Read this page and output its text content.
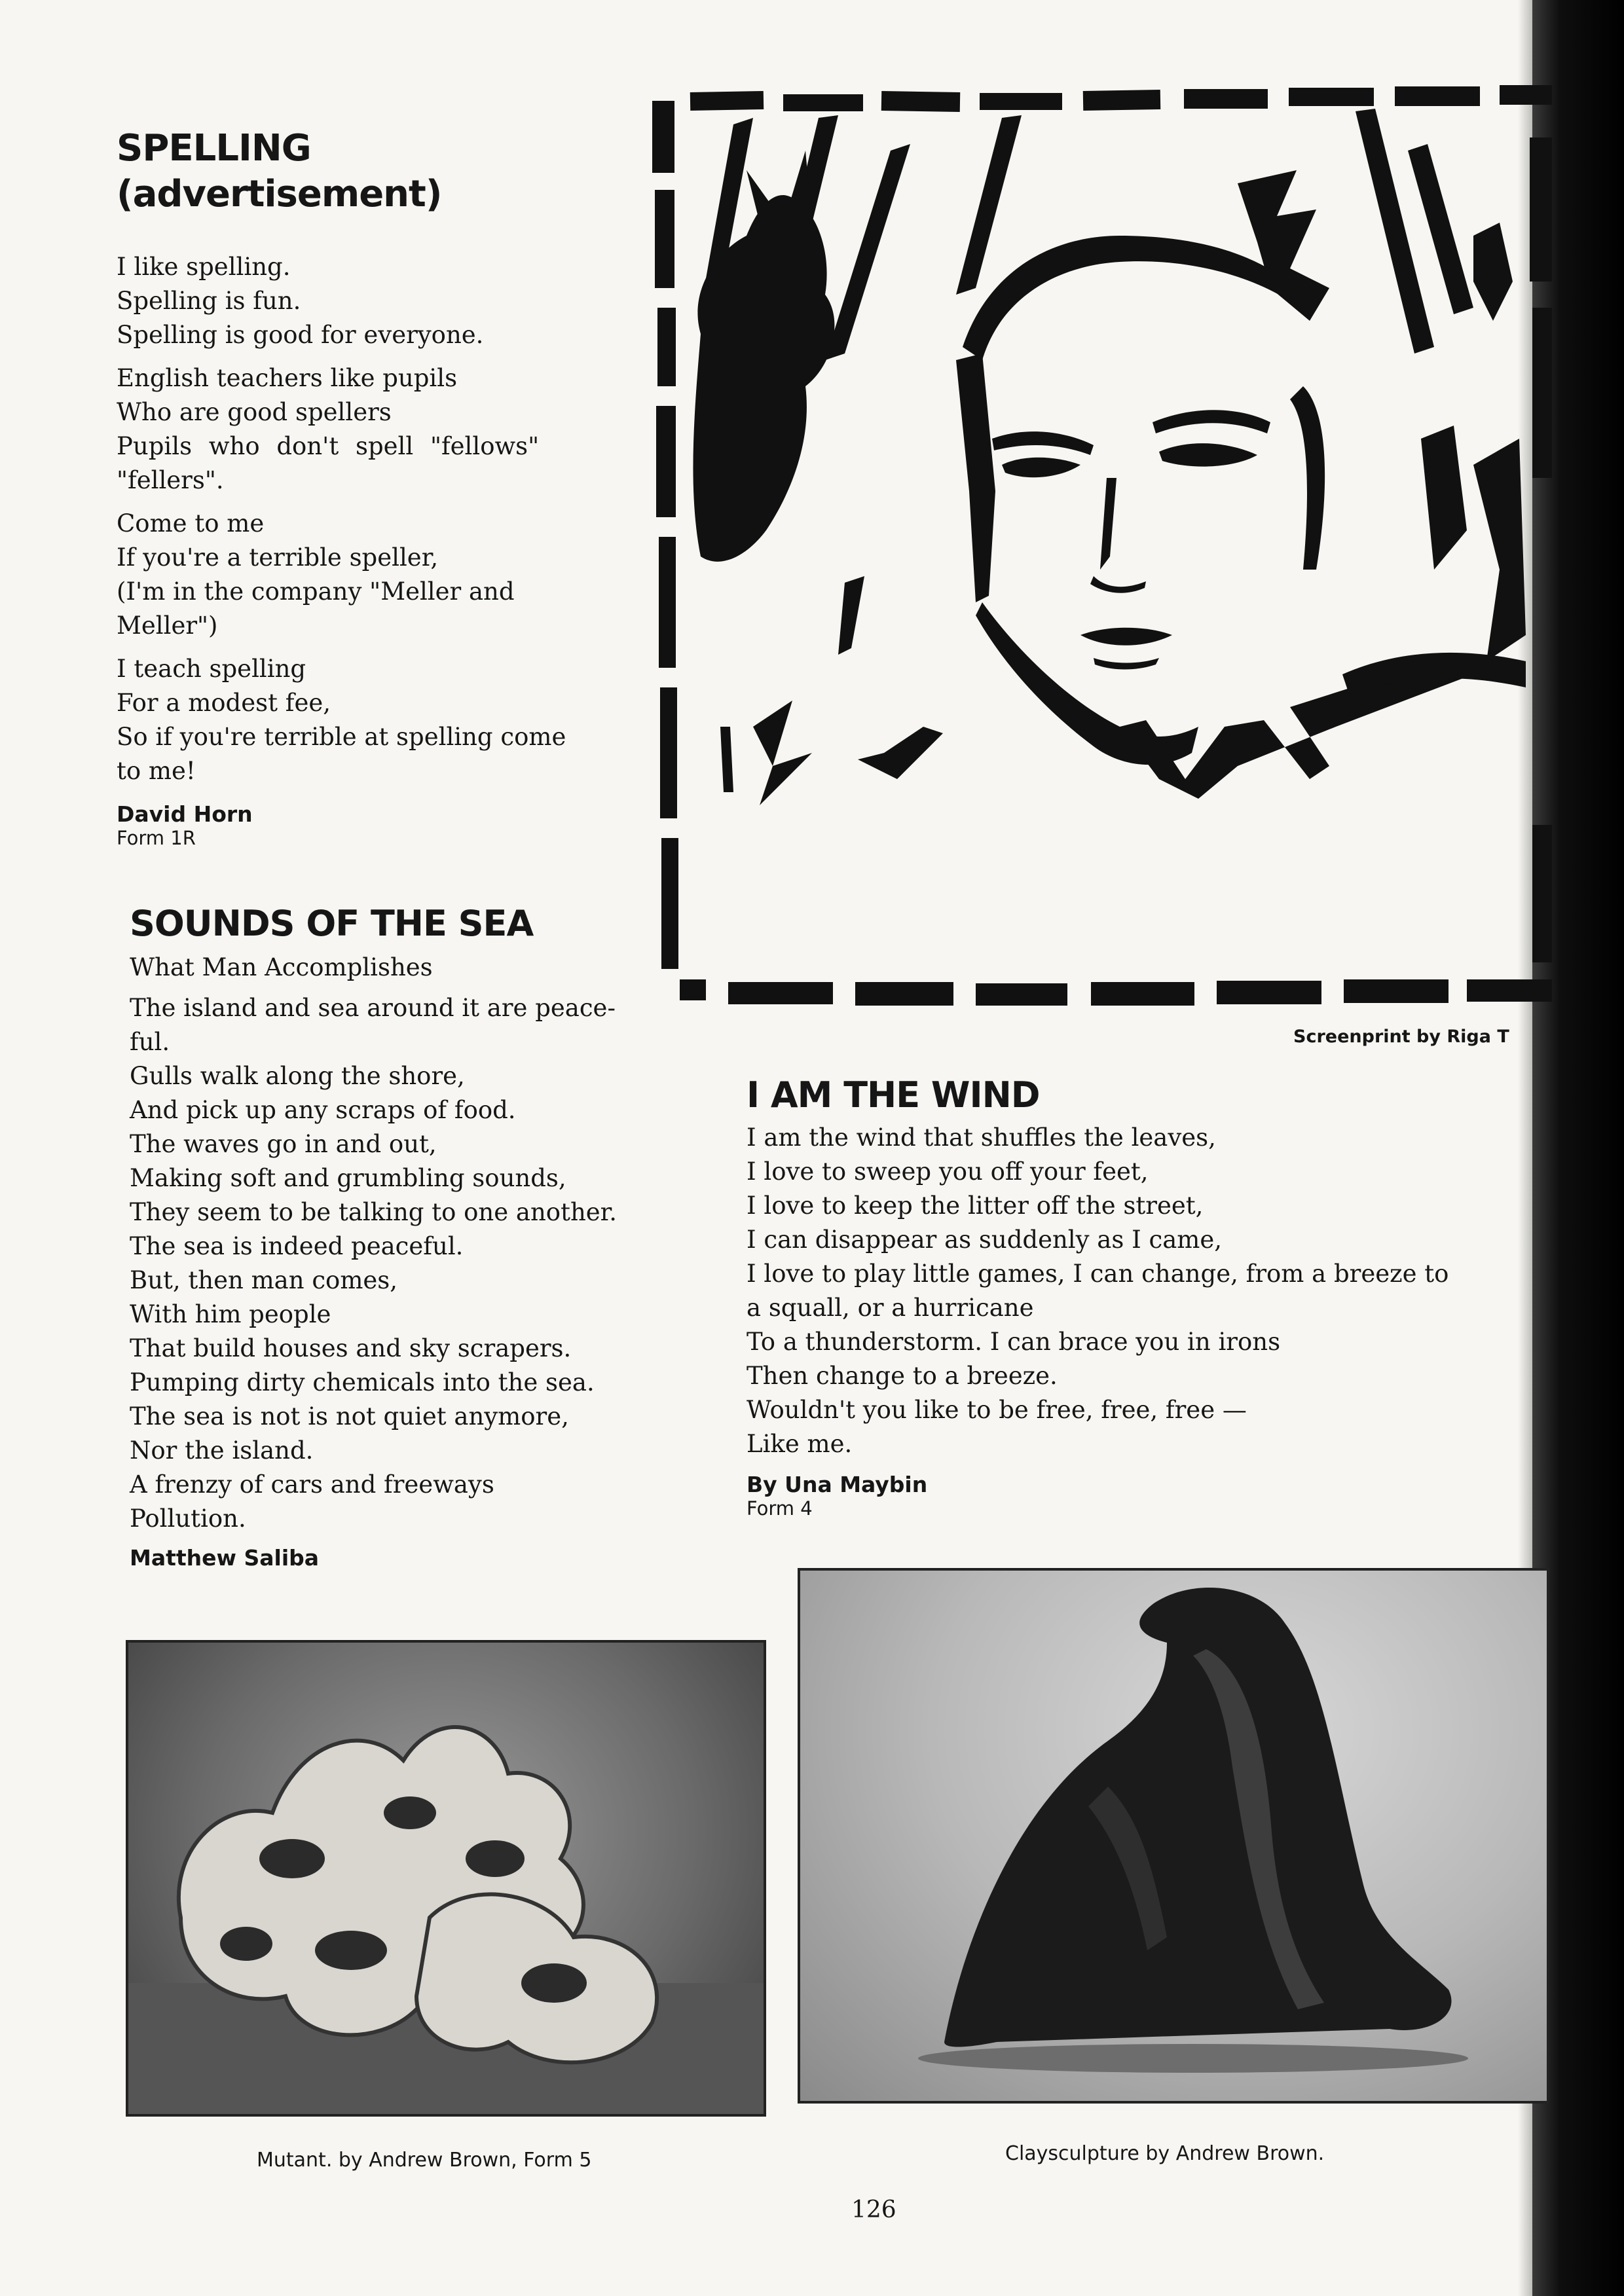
SPELLING
(advertisement)
I like spelling.
Spelling is fun.
Spelling is good for everyone.
English teachers like pupils
Who are good spellers
Pupils who don't spell "fellows"
"fellers".
Come to me
If you're a terrible speller,
(I'm in the company "Meller and
Meller")
I teach spelling
For a modest fee,
So if you're terrible at spelling come
to me!
David Horn
Form 1R
Screenprint by Riga T
SOUNDS OF THE SEA
What Man Accomplishes
The island and sea around it are peace-
ful.
Gulls walk along the shore,
And pick up any scraps of food.
The waves go in and out,
Making soft and grumbling sounds,
They seem to be talking to one another.
The sea is indeed peaceful.
But, then man comes,
With him people
That build houses and sky scrapers.
Pumping dirty chemicals into the sea.
The sea is not is not quiet anymore,
Nor the island.
A frenzy of cars and freeways
Pollution.
Matthew Saliba
I AM THE WIND
I am the wind that shuffles the leaves,
I love to sweep you off your feet,
I love to keep the litter off the street,
I can disappear as suddenly as I came,
I love to play little games, I can change, from a breeze to
a squall, or a hurricane
To a thunderstorm. I can brace you in irons
Then change to a breeze.
Wouldn't you like to be free, free, free —
Like me.
By Una Maybin
Form 4
Mutant. by Andrew Brown, Form 5	Claysculpture by Andrew Brown.
126
